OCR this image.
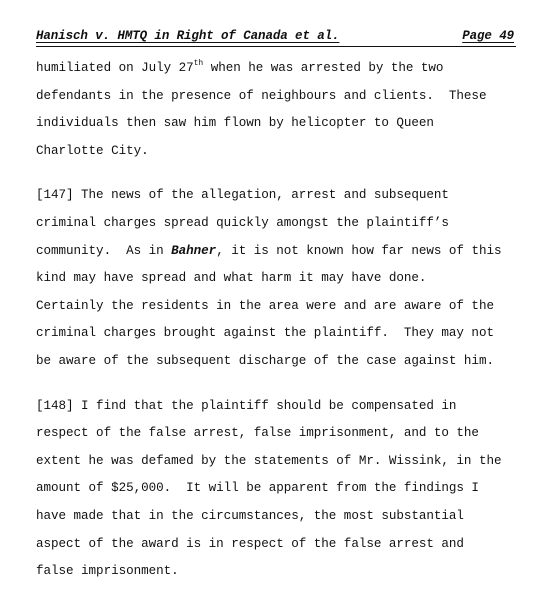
Hanisch v. HMTQ in Right of Canada et al.	Page 49
humiliated on July 27th when he was arrested by the two
defendants in the presence of neighbours and clients.  These
individuals then saw him flown by helicopter to Queen
Charlotte City.
[147] The news of the allegation, arrest and subsequent
criminal charges spread quickly amongst the plaintiff’s
community.  As in Bahner, it is not known how far news of this
kind may have spread and what harm it may have done.
Certainly the residents in the area were and are aware of the
criminal charges brought against the plaintiff.  They may not
be aware of the subsequent discharge of the case against him.
[148] I find that the plaintiff should be compensated in
respect of the false arrest, false imprisonment, and to the
extent he was defamed by the statements of Mr. Wissink, in the
amount of $25,000.  It will be apparent from the findings I
have made that in the circumstances, the most substantial
aspect of the award is in respect of the false arrest and
false imprisonment.
